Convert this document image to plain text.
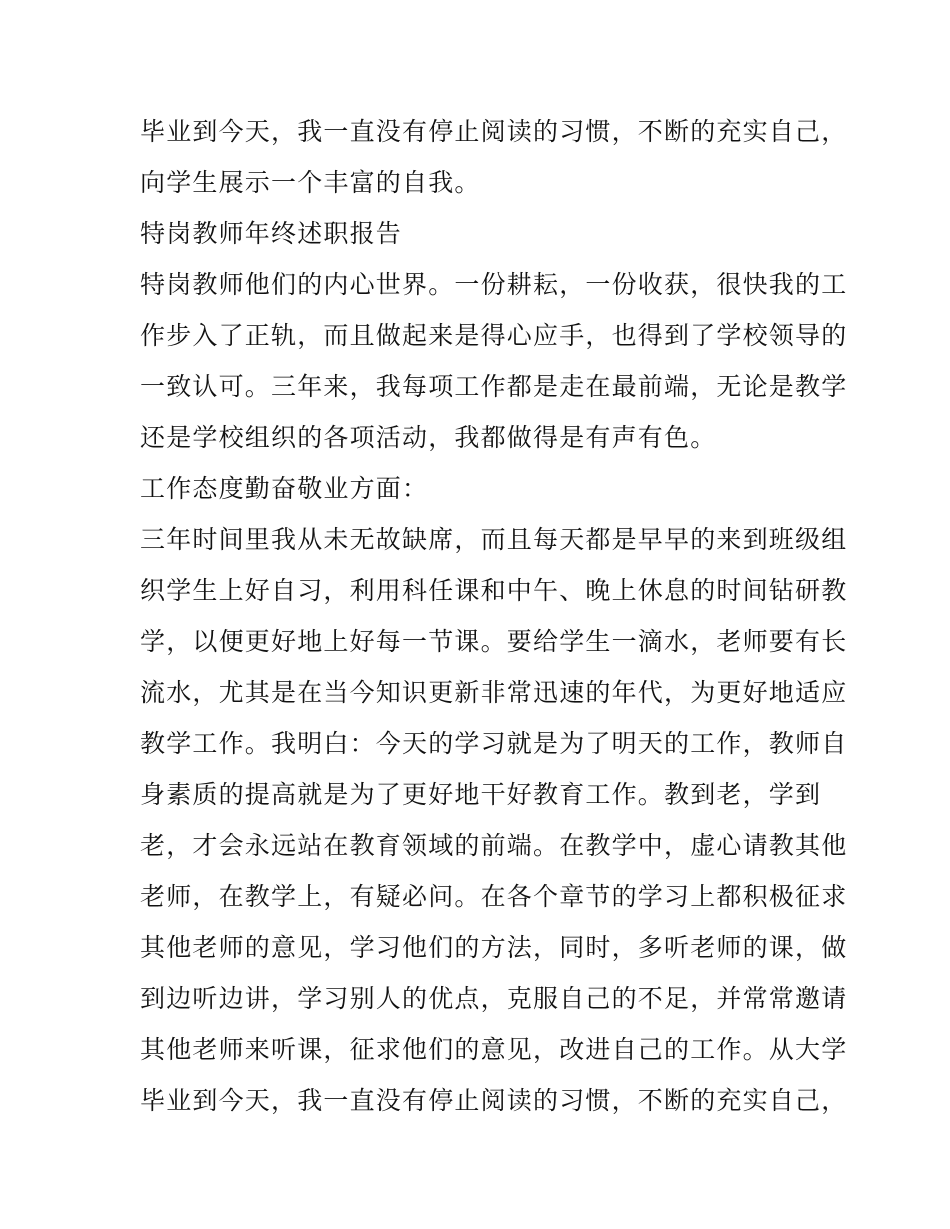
毕业到今天，我一直没有停止阅读的习惯，不断的充实自己，
向学生展示一个丰富的自我。
特岗教师年终述职报告
特岗教师他们的内心世界。一份耕耘，一份收获，很快我的工
作步入了正轨，而且做起来是得心应手，也得到了学校领导的
一致认可。三年来，我每项工作都是走在最前端，无论是教学
还是学校组织的各项活动，我都做得是有声有色。
工作态度勤奋敬业方面：
三年时间里我从未无故缺席，而且每天都是早早的来到班级组
织学生上好自习，利用科任课和中午、晚上休息的时间钻研教
学，以便更好地上好每一节课。要给学生一滴水，老师要有长
流水，尤其是在当今知识更新非常迅速的年代，为更好地适应
教学工作。我明白：今天的学习就是为了明天的工作，教师自
身素质的提高就是为了更好地干好教育工作。教到老，学到
老，才会永远站在教育领域的前端。在教学中，虚心请教其他
老师，在教学上，有疑必问。在各个章节的学习上都积极征求
其他老师的意见，学习他们的方法，同时，多听老师的课，做
到边听边讲，学习别人的优点，克服自己的不足，并常常邀请
其他老师来听课，征求他们的意见，改进自己的工作。从大学
毕业到今天，我一直没有停止阅读的习惯，不断的充实自己，
